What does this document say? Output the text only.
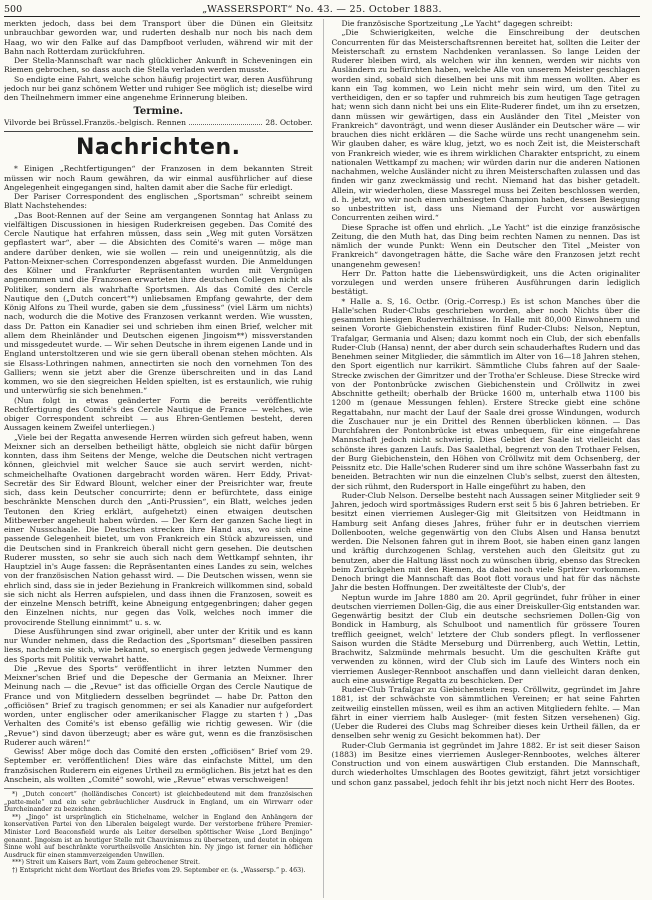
500	„WASSERSPORT“ No. 43. — 25. October 1883.

merkten jedoch, dass bei dem Transport über die Dünen ein Gleitsitz unbrauchbar geworden war, und ruderten deshalb nur noch bis nach dem Haag, wo wir den Falke auf das Dampfboot verluden, während wir mit der Bahn nach Rotterdam zurückfuhren.

Der Stella-Mannschaft war nach glücklicher Ankunft in Scheveningen ein Riemen gebrochen, so dass auch die Stella verladen werden musste.

So endigte eine Fahrt, welche schon häufig projectirt war, deren Ausführung jedoch nur bei ganz schönem Wetter und ruhiger See möglich ist; dieselbe wird den Theilnehmern immer eine angenehme Erinnerung bleiben.

Termine.
Vilvorde bei Brüssel. Französ.-belgisch. Rennen	28. October.
Nachrichten.

* Einigen „Rechtfertigungen“ der Franzosen in dem bekannten Streit müssen wir noch Raum gewähren, da wir einmal ausführlicher auf diese Angelegenheit eingegangen sind, halten damit aber die Sache für erledigt.

Der Pariser Correspondent des englischen „Sportsman“ schreibt seinem Blatt Nachstehendes:

„Das Boot-Rennen auf der Seine am vergangenen Sonntag hat Anlass zu vielfältigen Discussionen in hiesigen Ruderkreisen gegeben. Das Comité des Cercle Nautique hat erfahren müssen, dass sein „Weg mit guten Vorsätzen gepflastert war“, aber — die Absichten des Comité's waren — möge man andere darüber denken, wie sie wollen — rein und uneigennützig, als die Patton-Meixner-schen Correspondenzen abgefasst wurden. Die Anmeldungen des Kölner und Frankfurter Repräsentanten wurden mit Vergnügen angenommen und die Franzosen erwarteten ihre deutschen Collegen nicht als Politiker, sondern als wahrhafte Sportsmen. Als das Comité des Cercle Nautique den („Dutch concert“*) unliebsamen Empfang gewahrte, der dem König Alfons zu Theil wurde, gaben sie dem „fussiness“ (viel Lärm um nichts) nach, wodurch die die Motive des Franzosen verkannt werden. Wie wussten, dass Dr. Patton ein Kanadier sei und schrieben ihm einen Brief, welcher mit allem dem Rheinländer und Deutschen eigenen Jingoism**) missverstanden und missgedeutet wurde. — Wir sehen Deutsche in ihrem eigenen Lande und in England unterstoltzeren und wie sie gern überall obenan stehen möchten. Als sie Elsass-Lothringen nahmen, annectirten sie noch den vornehmen Ton des Galliers; wenn sie jetzt aber die Grenze überschreiten und in das Land kommen, wo sie den siegreichen Helden spielten, ist es erstaunlich, wie ruhig und unterwürfig sie sich benehmen.“

(Nun folgt in etwas geänderter Form die bereits veröffentlichte Rechtfertigung des Comité's des Cercle Nautique de France — welches, wie obiger Correspondent schreibt — aus Ehren-Gentlemen besteht, deren Aussagen keinem Zweifel unterliegen.)

„Viele bei der Regatta anwesende Herren würden sich gefreut haben, wenn Meixner sich an derselben betheiligt hätte, obgleich sie nicht dafür bürgen konnten, dass ihm Seitens der Menge, welche die Deutschen nicht vertragen können, gleichviel mit welcher Sauce sie auch servirt werden, nicht-schmeichelhafte Ovationen dargebracht worden wären. Herr Eddy, Privat-Secretär des Sir Edward Blount, welcher einer der Preisrichter war, freute sich, dass kein Deutscher concurrirte; denn er befürchtete, dass einige beschränkte Menschen durch den „Anti-Prussien“, ein Blatt, welches jeden Teutonen den Krieg erklärt, aufgehetzt) einen etwaigen deutschen Mitbewerber angeheult haben würden. — Der Kern der ganzen Sache liegt in einer Nussschaale. Die Deutschen strecken ihre Hand aus, wo sich eine passende Gelegenheit bietet, um von Frankreich ein Stück abzureissen, und die Deutschen sind in Frankreich überall nicht gern gesehen. Die deutschen Ruderer mussten, so sehr sie auch sich nach dem Wettkampf sehnten, ihr Hauptziel in's Auge fassen: die Repräsentanten eines Landes zu sein, welches von der französischen Nation gehasst wird. — Die Deutschen wissen, wenn sie ehrlich sind, dass sie in jeder Beziehung in Frankreich willkommen sind, sobald sie sich nicht als Herren aufspielen, und dass ihnen die Franzosen, soweit es der einzelne Mensch betrifft, keine Abneigung entgegenbringen; daher gegen den Einzelnen nichts, nur gegen das Volk, welches noch immer die provocirende Stellung einnimmt“ u. s. w.

Diese Ausführungen sind zwar originell, aber unter der Kritik und es kann nur Wunder nehmen, dass die Redaction des „Sportsman“ dieselben passiren liess, nachdem sie sich, wie bekannt, so energisch gegen jedwede Vermengung des Sports mit Politik verwahrt hatte.

Die „Revue des Sports“ veröffentlicht in ihrer letzten Nummer den Meixner'schen Brief und die Depesche der Germania an Meixner. Ihrer Meinung nach — die „Revue“ ist das officielle Organ des Cercle Nautique de France und von Mitgliedern desselben begründet — habe Dr. Patton den „officiösen“ Brief zu tragisch genommen; er sei als Kanadier nur aufgefordert worden, unter englischer oder amerikanischer Flagge zu starten†) „Das Verhalten des Comité's ist ebenso gefällig wie richtig gewesen. Wir (die „Revue“) sind davon überzeugt; aber es wäre gut, wenn es die französischen Ruderer auch wären!“

Gewiss! Aber möge doch das Comité den ersten „officiösen“ Brief vom 29. September er. veröffentlichen! Dies wäre das einfachste Mittel, um den französischen Ruderern ein eigenes Urtheil zu ermöglichen. Bis jetzt hat es den Anschein, als wollten „Comité“ sowohl, wie „Revue“ etwas verschweigen!

*) „Dutch concert“ (holländisches Concert) ist gleichbedeutend mit dem französischen „patte-mele“ und ein sehr gebräuchlicher Ausdruck in England, um ein Wirrwarr oder Durcheinander zu bezeichnen.

**) „Jingo“ ist ursprünglich ein Stichelname, welcher in England den Anhängern der konservativen Partei von den Liberalen beigelegt wurde. Der verstorbene frühere Premier-Minister Lord Beaconsfield wurde als Leiter derselben spöttischer Weise „Lord Benjingo“ genannt. Jingoism ist an heutiger Stelle mit Chauvinismus zu übersetzen, und deutet in obigem Sinne wohl auf beschränkte vorurtheilsvolle Ansichten hin. Ny jingo ist ferner ein höflicher Ausdruck für einen stammverzeigenden Unwillen.

***) Streit um Kaisers Bart, vom Zaum gebrochener Streit.

†) Entspricht nicht dem Wortlaut des Briefes vom 29. September er. (s. „Wassersp.“ p. 463).

Die französische Sportzeitung „Le Yacht“ dagegen schreibt:

„Die Schwierigkeiten, welche die Einschreibung der deutschen Concurrenten für das Meisterschaftsrennen bereitet hat, sollten die Leiter der Meisterschaft zu ernstem Nachdenken veranlassen. So lange Leiden der Ruderer bleiben wird, als welchen wir ihn kennen, werden wir nichts von Ausländern zu befürchten haben, welche Alle von unserem Meister geschlagen worden sind, sobald sich dieselben bei uns mit ihm messen wollten. Aber es kann ein Tag kommen, wo Lein nicht mehr sein wird, um den Titel zu vertheidigen, den er so tapfer und ruhmreich bis zum heutigen Tage getragen hat; wenn sich dann nicht bei uns ein Elite-Ruderer findet, um ihn zu ersetzen, dann müssen wir gewärtigen, dass ein Ausländer den Titel „Meister von Frankreich“ davonträgt, und wenn dieser Ausländer ein Deutscher wäre — wir brauchen dies nicht erklären — die Sache würde uns recht unangenehm sein. Wir glauben daher, es wäre klug, jetzt, wo es noch Zeit ist, die Meisterschaft von Frankreich wieder, wie es ihrem wirklichen Charakter entspricht, zu einem nationalen Wettkampf zu machen; wir würden darin nur die anderen Nationen nachahmen, welche Ausländer nicht zu ihren Meisterschaften zulassen und das finden wir ganz zweckmässig und recht. Niemand hat das bisher getadelt. Allein, wir wiederholen, diese Massregel muss bei Zeiten beschlossen werden, d. h. jetzt, wo wir noch einen unbesiegten Champion haben, dessen Besiegung so unbestritten ist, dass uns Niemand der Furcht vor auswärtigen Concurrenten zeihen wird.“

Diese Sprache ist offen und ehrlich. „Le Yacht“ ist die einzige französische Zeitung, die den Muth hat, das Ding beim rechten Namen zu nennen. Das ist nämlich der wunde Punkt: Wenn ein Deutscher den Titel „Meister von Frankreich“ davongetragen hätte, die Sache wäre den Franzosen jetzt recht unangenehm gewesen!

Herr Dr. Patton hatte die Liebenswürdigkeit, uns die Acten originaliter vorzulegen und werden unsere früheren Ausführungen darin lediglich bestätigt.

* Halle a. S, 16. Octbr. (Orig.-Corresp.) Es ist schon Manches über die Halle'schen Ruder-Clubs geschrieben worden, aber noch Nichts über die gesammten hiesigen Ruderverhältnisse. In Halle mit 80,000 Einwohnern und seinen Vororte Giebichenstein existiren fünf Ruder-Clubs: Nelson, Neptun, Trafalgar, Germania und Alsen; dazu kommt noch ein Club, der sich ebenfalls Ruder-Club (Hansa) nennt, der aber durch sein schauderhaftes Rudern und das Benehmen seiner Mitglieder, die sämmtlich im Alter von 16—18 Jahren stehen, den Sport eigentlich nur karrikirt. Sämmtliche Clubs fahren auf der Saale-Strecke zwischen der Gimritzer und der Trotha'er Schleuse. Diese Strecke wird von der Pontonbrücke zwischen Giebichenstein und Cröllwitz in zwei Abschnitte getheilt; oberhalb der Brücke 1600 m, unterhalb etwa 1100 bis 1200 m (genaue Messungen fehlen). Erstere Strecke giebt eine schöne Regattabahn, nur macht der Lauf der Saale drei grosse Windungen, wodurch die Zuschauer nur je ein Drittel des Rennen überblicken können. — Das Durchfahren der Pontonbrücke ist etwas unbequem, für eine eingefahrene Mannschaft jedoch nicht schwierig. Dies Gebiet der Saale ist vielleicht das schönste ihres ganzen Laufs. Das Saalethal, begrenzt von den Trothaer Felsen, der Burg Giebichenstein, den Höhen von Cröllwitz mit dem Ochsenberg, der Peissnitz etc. Die Halle'schen Ruderer sind um ihre schöne Wasserbahn fast zu beneiden. Betrachten wir nun die einzelnen Club's selbst, zuerst den ältesten, der sich rühmt, den Rudersport in Halle eingeführt zu haben, den

Ruder-Club Nelson. Derselbe besteht nach Aussagen seiner Mitglieder seit 9 Jahren, jedoch wird sportmässiges Rudern erst seit 5 bis 6 Jahren betrieben. Er besitzt einen vierriemen Ausleger-Gig mit Gleitsitzen von Heidtmann in Hamburg seit Anfang dieses Jahres, früher fuhr er in deutschen vierriem Dollenbooten, welche gegenwärtig von den Clubs Alsen und Hansa benutzt werden. Die Nelsonen fahren gut in ihrem Boot, sie haben einen ganz langen und kräftig durchzogenen Schlag, verstehen auch den Gleitsitz gut zu benutzen, aber die Haltung lässt noch zu wünschen übrig, ebenso das Strecken beim Zurückgehen mit den Riemen, da dabei noch viele Spritzer vorkommen. Denoch bringt die Mannschaft das Boot flott voraus und hat für das nächste Jahr die besten Hoffnungen. Der zweitälteste der Club's, der

Neptun wurde im Jahre 1880 am 20. April gegründet, fuhr früher in einer deutschen vierriemen Dollen-Gig, die aus einer Dreiskuller-Gig entstanden war. Gegenwärtig besitzt der Club ein deutsche sechsriemen Dollen-Gig von Bondick in Hamburg, als Schulboot und namentlich für grössere Touren trefflich geeignet, welch' letztere der Club sonders pflegt. In verflossener Saison wurden die Städte Merseburg und Dürrenberg, auch Wettin, Lettin, Brachwitz, Salzmünde mehrmals besucht. Um die geschulten Kräfte gut verwenden zu können, wird der Club sich im Laufe des Winters noch ein vierriemen Ausleger-Rennboot anschaffen und dann vielleicht daran denken, auch eine auswärtige Regatta zu beschicken. Der

Ruder-Club Trafalgar zu Giebichenstein resp. Cröllwitz, gegründet im Jahre 1881, ist der schwächste von sämmtlichen Vereinen; er hat seine Fahrten zeitweilig einstellen müssen, weil es ihm an activen Mitgliedern fehlte. — Man fährt in einer vierriem halb Ausleger- (mit festen Sitzen versehenen) Gig. (Ueber die Ruderei des Clubs mag Schreiber dieses kein Urtheil fällen, da er denselben sehr wenig zu Gesicht bekommen hat). Der

Ruder-Club Germania ist gegründet im Jahre 1882. Er ist seit dieser Saison (1883) im Besitze eines vierriemen Ausleger-Rennbootes, welches älterer Construction und von einem auswärtigen Club erstanden. Die Mannschaft, durch wiederholtes Umschlagen des Bootes gewitzigt, fährt jetzt vorsichtiger und schon ganz passabel, jedoch fehlt ihr bis jetzt noch nicht Herr des Bootes.
